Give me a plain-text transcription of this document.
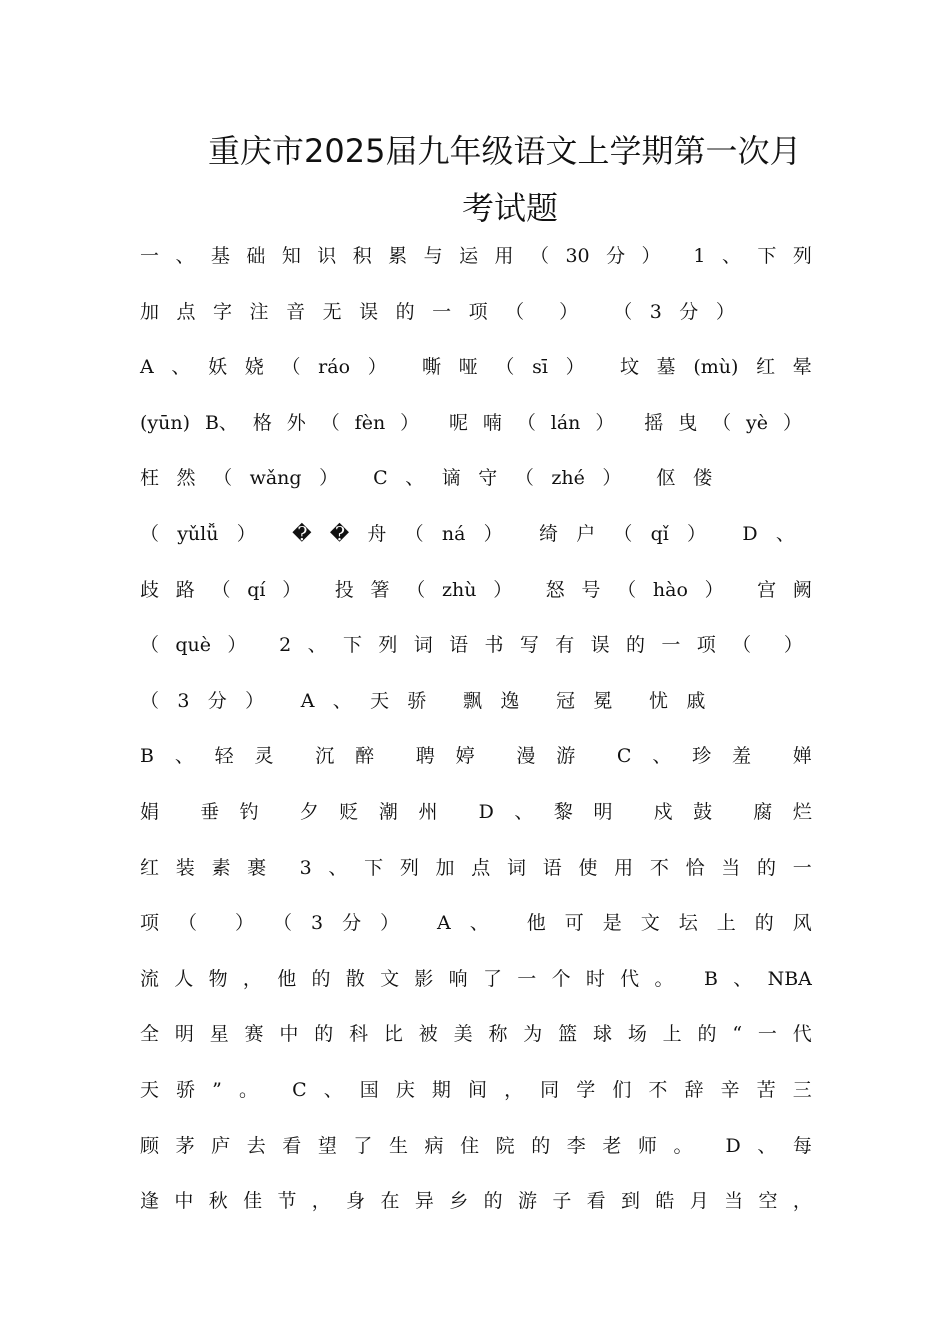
重庆市2025届九年级语文上学期第一次月
考试题
一 、 基 础 知 识 积 累 与 运 用 （ 30 分 ） 1 、 下 列
加 点 字 注 音 无 误 的 一 项 （ ） （ 3 分 ）
A 、 妖 娆 （ ráo ） 嘶 哑 （ sī ） 坟 墓 (mù) 红 晕
(yūn) B、 格 外 （ fèn ） 呢 喃 （ lán ） 摇 曳 （ yè ）
枉 然 （ wǎng ） C 、 谪 守 （ zhé ） 伛 偻
（ yǔlǚ ） � � 舟 （ ná ） 绮 户 （ qǐ ） D 、
歧 路 （ qí ） 投 箸 （ zhù ） 怒 号 （ hào ） 宫 阙
（ què ） 2 、 下 列 词 语 书 写 有 误 的 一 项 （ ）
（ 3 分 ） A 、 天 骄 飘 逸 冠 冕 忧 戚
B 、 轻 灵 沉 醉 聘 婷 漫 游 C 、 珍 羞 婵
娟 垂 钓 夕 贬 潮 州 D 、 黎 明 戍 鼓 腐 烂
红 装 素 裹 3 、 下 列 加 点 词 语 使 用 不 恰 当 的 一
项 （ ） （ 3 分 ） A 、 他 可 是 文 坛 上 的 风
流 人 物 ， 他 的 散 文 影 响 了 一 个 时 代 。 B 、 NBA
全 明 星 赛 中 的 科 比 被 美 称 为 篮 球 场 上 的 “ 一 代
天 骄 ” 。 C 、 国 庆 期 间 ， 同 学 们 不 辞 辛 苦 三
顾 茅 庐 去 看 望 了 生 病 住 院 的 李 老 师 。 D 、 每
逢 中 秋 佳 节 ， 身 在 异 乡 的 游 子 看 到 皓 月 当 空 ，
